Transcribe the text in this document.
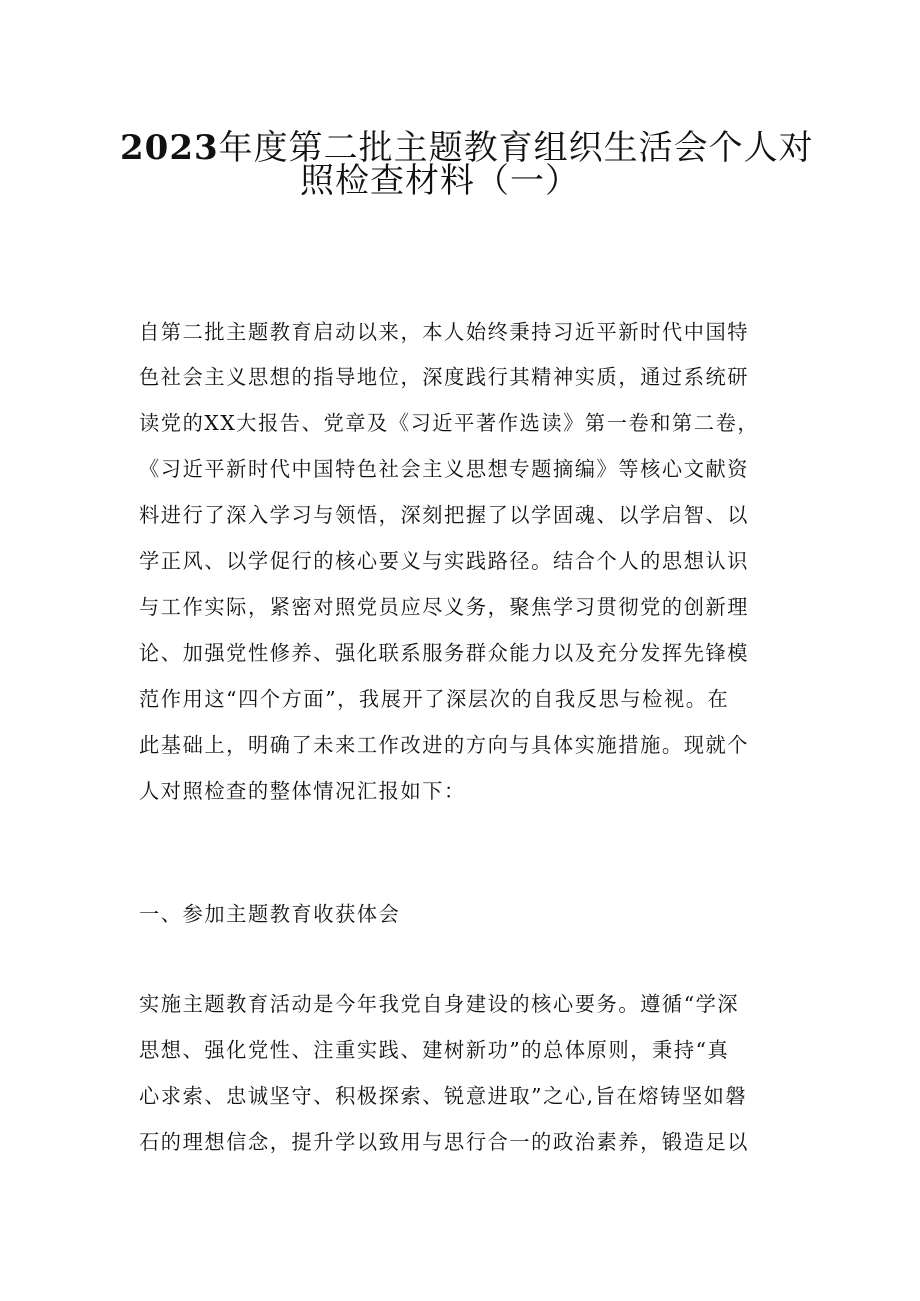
2023年度第二批主题教育组织生活会个人对
照检查材料（一）
自第二批主题教育启动以来，本人始终秉持习近平新时代中国特
色社会主义思想的指导地位，深度践行其精神实质，通过系统研
读党的XX大报告、党章及《习近平著作选读》第一卷和第二卷，
《习近平新时代中国特色社会主义思想专题摘编》等核心文献资
料进行了深入学习与领悟，深刻把握了以学固魂、以学启智、以
学正风、以学促行的核心要义与实践路径。结合个人的思想认识
与工作实际，紧密对照党员应尽义务，聚焦学习贯彻党的创新理
论、加强党性修养、强化联系服务群众能力以及充分发挥先锋模
范作用这“四个方面”，我展开了深层次的自我反思与检视。在
此基础上，明确了未来工作改进的方向与具体实施措施。现就个
人对照检查的整体情况汇报如下：
一、参加主题教育收获体会
实施主题教育活动是今年我党自身建设的核心要务。遵循“学深
思想、强化党性、注重实践、建树新功”的总体原则，秉持“真
心求索、忠诚坚守、积极探索、锐意进取”之心,旨在熔铸坚如磐
石的理想信念，提升学以致用与思行合一的政治素养，锻造足以
